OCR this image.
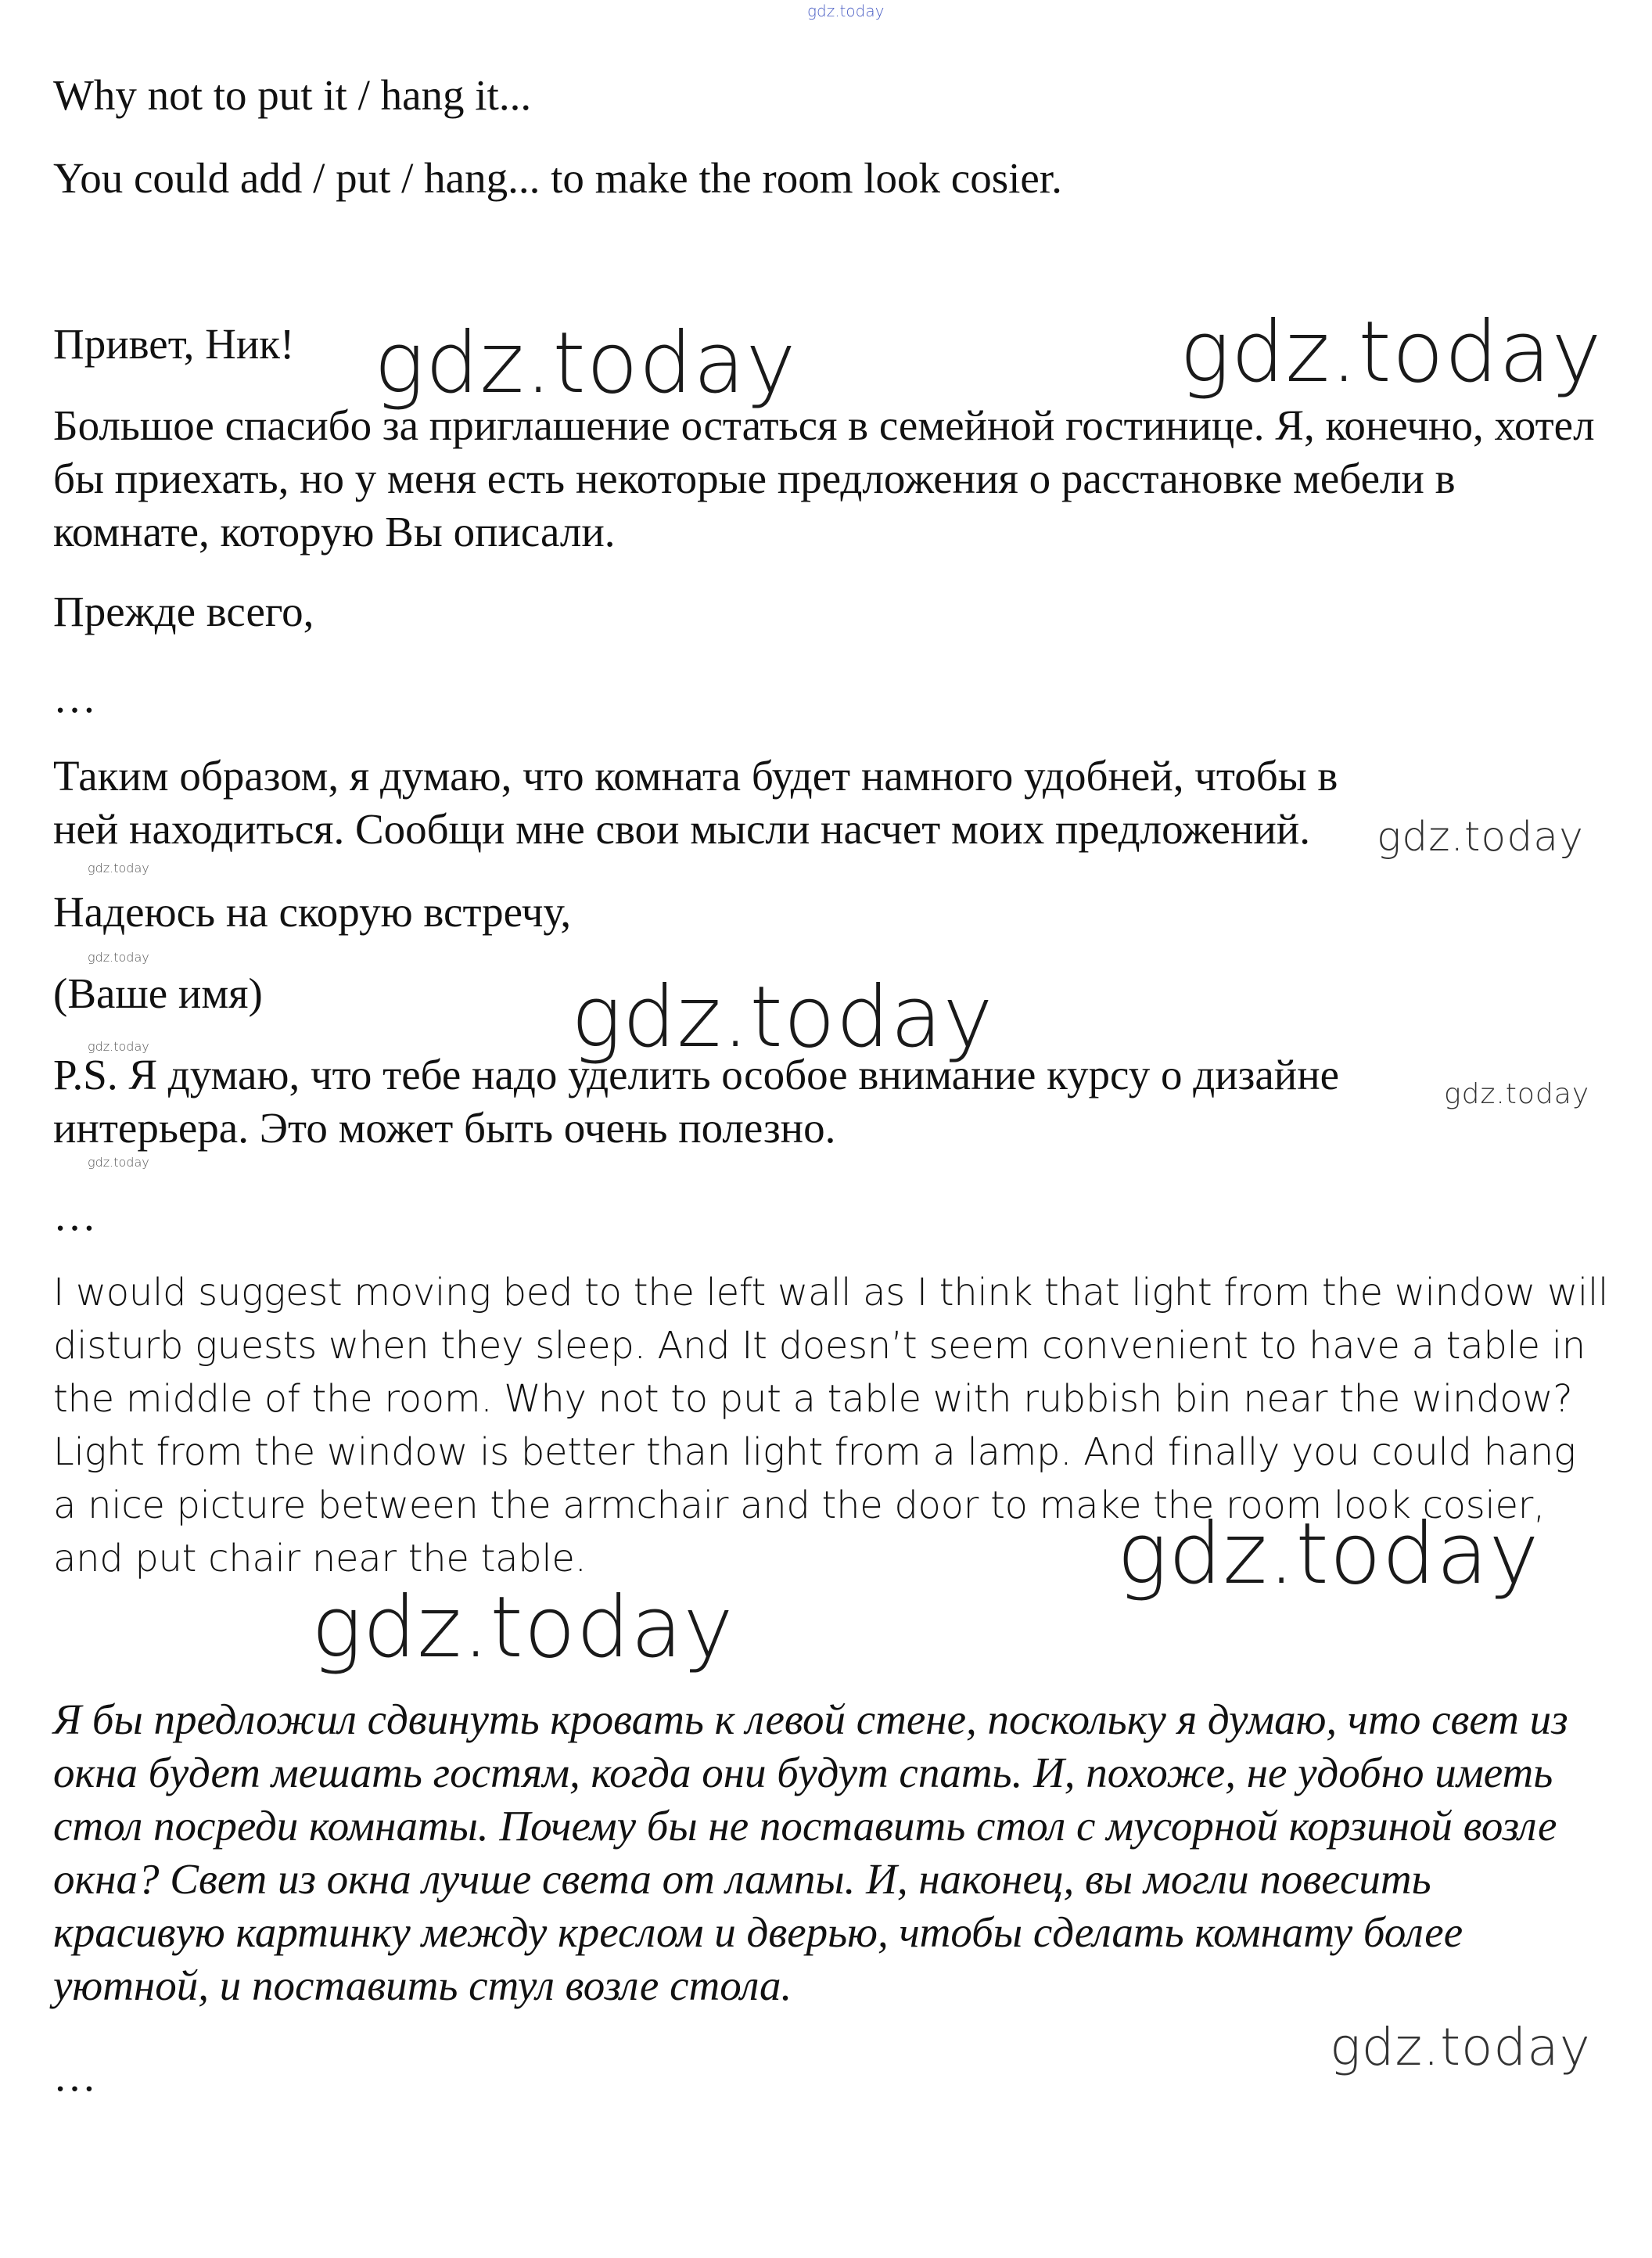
gdz.today

Why not to put it / hang it...

You could add / put / hang... to make the room look cosier.

Привет, Ник!

Большое спасибо за приглашение остаться в семейной гостинице. Я, конечно, хотел бы приехать, но у меня есть некоторые предложения о расстановке мебели в комнате, которую Вы описали.

Прежде всего,

…

Таким образом, я думаю, что комната будет намного удобней, чтобы в ней находиться. Сообщи мне свои мысли насчет моих предложений.

Надеюсь на скорую встречу,

(Ваше имя)

P.S. Я думаю, что тебе надо уделить особое внимание курсу о дизайне интерьера. Это может быть очень полезно.

…

I would suggest moving bed to the left wall as I think that light from the window will disturb guests when they sleep. And It doesn’t seem convenient to have a table in the middle of the room. Why not to put a table with rubbish bin near the window? Light from the window is better than light from a lamp. And finally you could hang a nice picture between the armchair and the door to make the room look cosier, and put chair near the table.

Я бы предложил сдвинуть кровать к левой стене, поскольку я думаю, что свет из окна будет мешать гостям, когда они будут спать. И, похоже, не удобно иметь стол посреди комнаты. Почему бы не поставить стол с мусорной корзиной возле окна? Свет из окна лучше света от лампы. И, наконец, вы могли повесить красивую картинку между креслом и дверью, чтобы сделать комнату более уютной, и поставить стул возле стола.

…

gdz.today	gdz.today
gdz.today
gdz.today
gdz.today
gdz.today
gdz.today
gdz.today
gdz.today
gdz.today
gdz.today
gdz.today
